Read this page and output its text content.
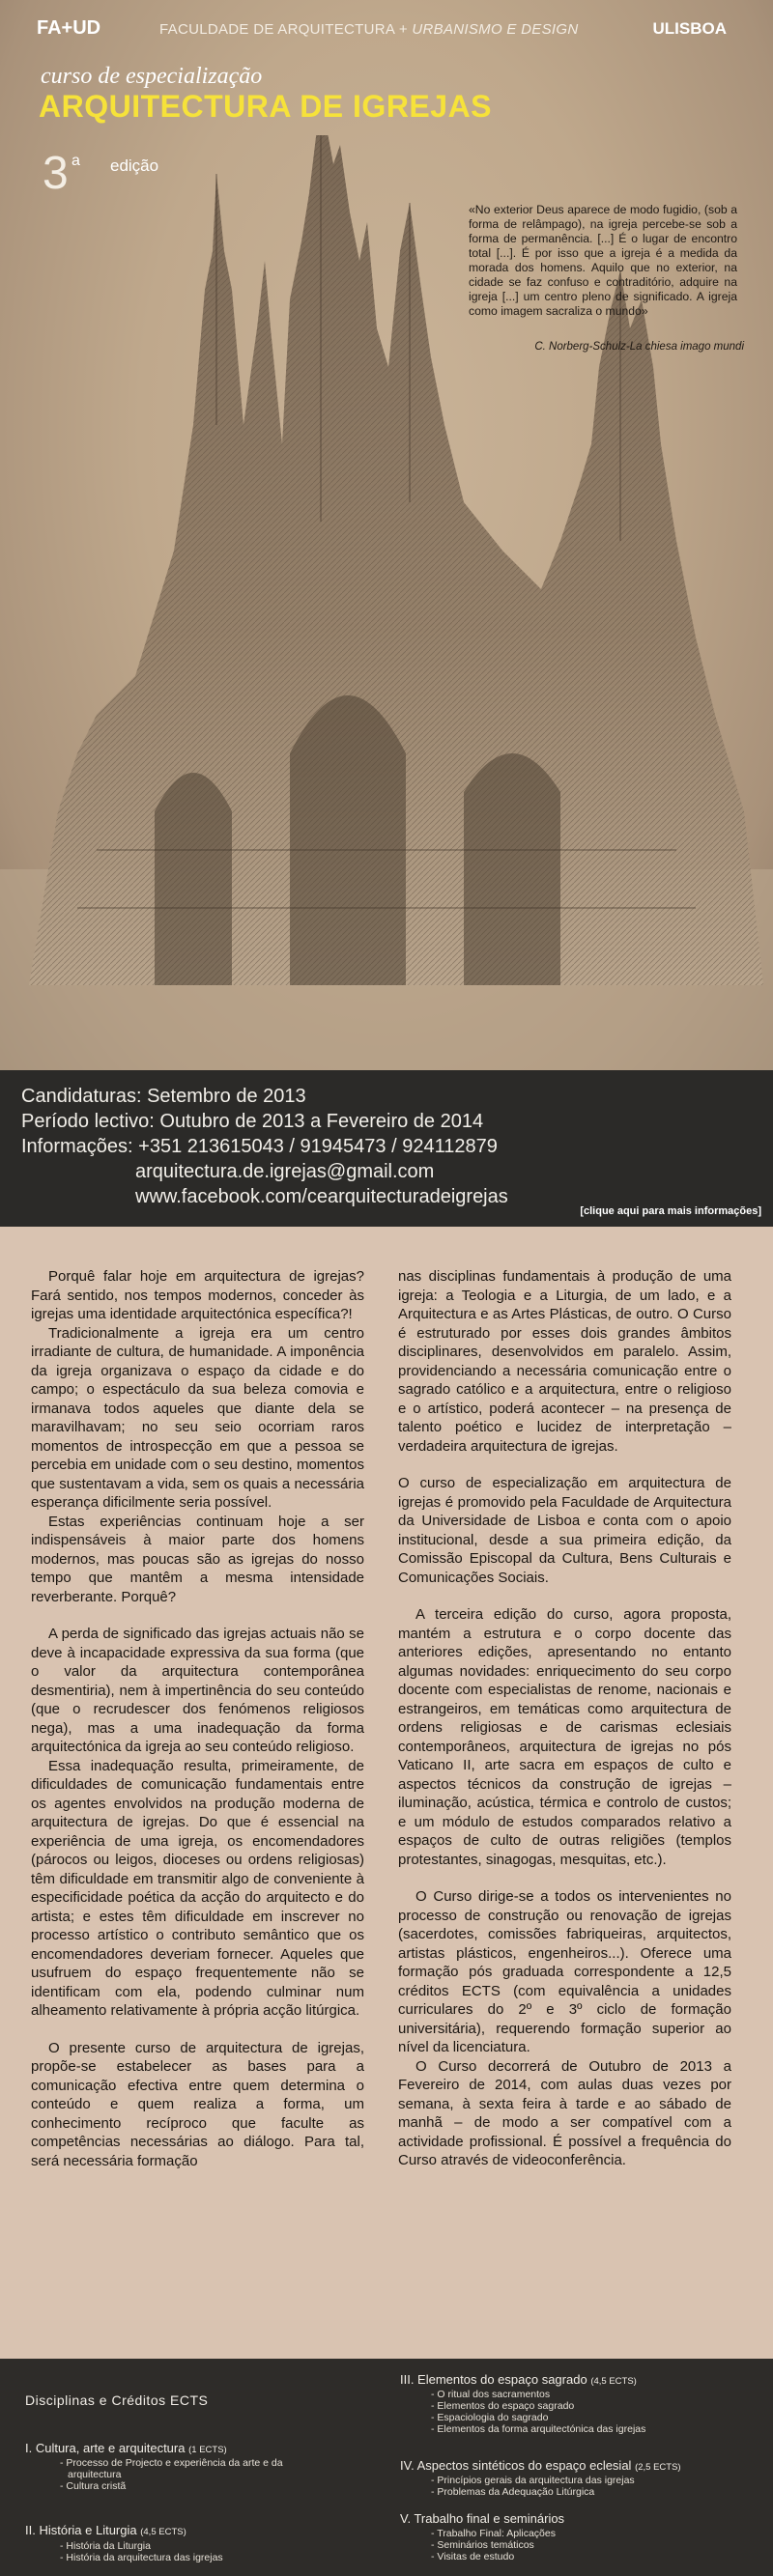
FA+UD	FACULDADE DE ARQUITECTURA + URBANISMO E DESIGN	ULISBOA
curso de especialização
ARQUITECTURA DE IGREJAS
3 a edição
«No exterior Deus aparece de modo fugidio, (sob a forma de relâmpago), na igreja percebe-se sob a forma de permanência. [...] É o lugar de encontro total [...]. É por isso que a igreja é a medida da morada dos homens. Aquilo que no exterior, na cidade se faz confuso e contraditório, adquire na igreja [...] um centro pleno de significado. A igreja como imagem sacraliza o mundo»
C. Norberg-Schulz-La chiesa imago mundi
Candidaturas: Setembro de 2013
Período lectivo: Outubro de 2013 a Fevereiro de 2014
Informações: +351 213615043 / 91945473 / 924112879
arquitectura.de.igrejas@gmail.com
www.facebook.com/cearquitecturadeigrejas
[clique aqui para mais informações]

Porquê falar hoje em arquitectura de igrejas? Fará sentido, nos tempos modernos, conceder às igrejas uma identidade arquitectónica específica?!

Tradicionalmente a igreja era um centro irradiante de cultura, de humanidade. A imponência da igreja organizava o espaço da cidade e do campo; o espectáculo da sua beleza comovia e irmanava todos aqueles que diante dela se maravilhavam; no seu seio ocorriam raros momentos de introspecção em que a pessoa se percebia em unidade com o seu destino, momentos que sustentavam a vida, sem os quais a necessária esperança dificilmente seria possível.

Estas experiências continuam hoje a ser indispensáveis à maior parte dos homens modernos, mas poucas são as igrejas do nosso tempo que mantêm a mesma intensidade reverberante. Porquê?

A perda de significado das igrejas actuais não se deve à incapacidade expressiva da sua forma (que o valor da arquitectura contemporânea desmentiria), nem à impertinência do seu conteúdo (que o recrudescer dos fenómenos religiosos nega), mas a uma inadequação da forma arquitectónica da igreja ao seu conteúdo religioso.

Essa inadequação resulta, primeiramente, de dificuldades de comunicação fundamentais entre os agentes envolvidos na produção moderna de arquitectura de igrejas. Do que é essencial na experiência de uma igreja, os encomendadores (párocos ou leigos, dioceses ou ordens religiosas) têm dificuldade em transmitir algo de conveniente à especificidade poética da acção do arquitecto e do artista; e estes têm dificuldade em inscrever no processo artístico o contributo semântico que os encomendadores deveriam fornecer. Aqueles que usufruem do espaço frequentemente não se identificam com ela, podendo culminar num alheamento relativamente à própria acção litúrgica.

O presente curso de arquitectura de igrejas, propõe-se estabelecer as bases para a comunicação efectiva entre quem determina o conteúdo e quem realiza a forma, um conhecimento recíproco que faculte as competências necessárias ao diálogo. Para tal, será necessária formação

nas disciplinas fundamentais à produção de uma igreja: a Teologia e a Liturgia, de um lado, e a Arquitectura e as Artes Plásticas, de outro. O Curso é estruturado por esses dois grandes âmbitos disciplinares, desenvolvidos em paralelo. Assim, providenciando a necessária comunicação entre o sagrado católico e a arquitectura, entre o religioso e o artístico, poderá acontecer – na presença de talento poético e lucidez de interpretação – verdadeira arquitectura de igrejas.

O curso de especialização em arquitectura de igrejas é promovido pela Faculdade de Arquitectura da Universidade de Lisboa e conta com o apoio institucional, desde a sua primeira edição, da Comissão Episcopal da Cultura, Bens Culturais e Comunicações Sociais.

A terceira edição do curso, agora proposta, mantém a estrutura e o corpo docente das anteriores edições, apresentando no entanto algumas novidades: enriquecimento do seu corpo docente com especialistas de renome, nacionais e estrangeiros, em temáticas como arquitectura de ordens religiosas e de carismas eclesiais contemporâneos, arquitectura de igrejas no pós Vaticano II, arte sacra em espaços de culto e aspectos técnicos da construção de igrejas – iluminação, acústica, térmica e controlo de custos; e um módulo de estudos comparados relativo a espaços de culto de outras religiões (templos protestantes, sinagogas, mesquitas, etc.).

O Curso dirige-se a todos os intervenientes no processo de construção ou renovação de igrejas (sacerdotes, comissões fabriqueiras, arquitectos, artistas plásticos, engenheiros...). Oferece uma formação pós graduada correspondente a 12,5 créditos ECTS (com equivalência a unidades curriculares do 2º e 3º ciclo de formação universitária), requerendo formação superior ao nível da licenciatura.

O Curso decorrerá de Outubro de 2013 a Fevereiro de 2014, com aulas duas vezes por semana, à sexta feira à tarde e ao sábado de manhã – de modo a ser compatível com a actividade profissional. É possível a frequência do Curso através de videoconferência.

Disciplinas e Créditos ECTS
I. Cultura, arte e arquitectura (1 ECTS)
- Processo de Projecto e experiência da arte e da
arquitectura
- Cultura cristã
II. História e Liturgia (4,5 ECTS)
- História da Liturgia
- História da arquitectura das igrejas
III. Elementos do espaço sagrado (4,5 ECTS)
- O ritual dos sacramentos
- Elementos do espaço sagrado
- Espaciologia do sagrado
- Elementos da forma arquitectónica das igrejas
IV. Aspectos sintéticos do espaço eclesial (2,5 ECTS)
- Princípios gerais da arquitectura das igrejas
- Problemas da Adequação Litúrgica
V. Trabalho final e seminários
- Trabalho Final: Aplicações
- Seminários temáticos
- Visitas de estudo
